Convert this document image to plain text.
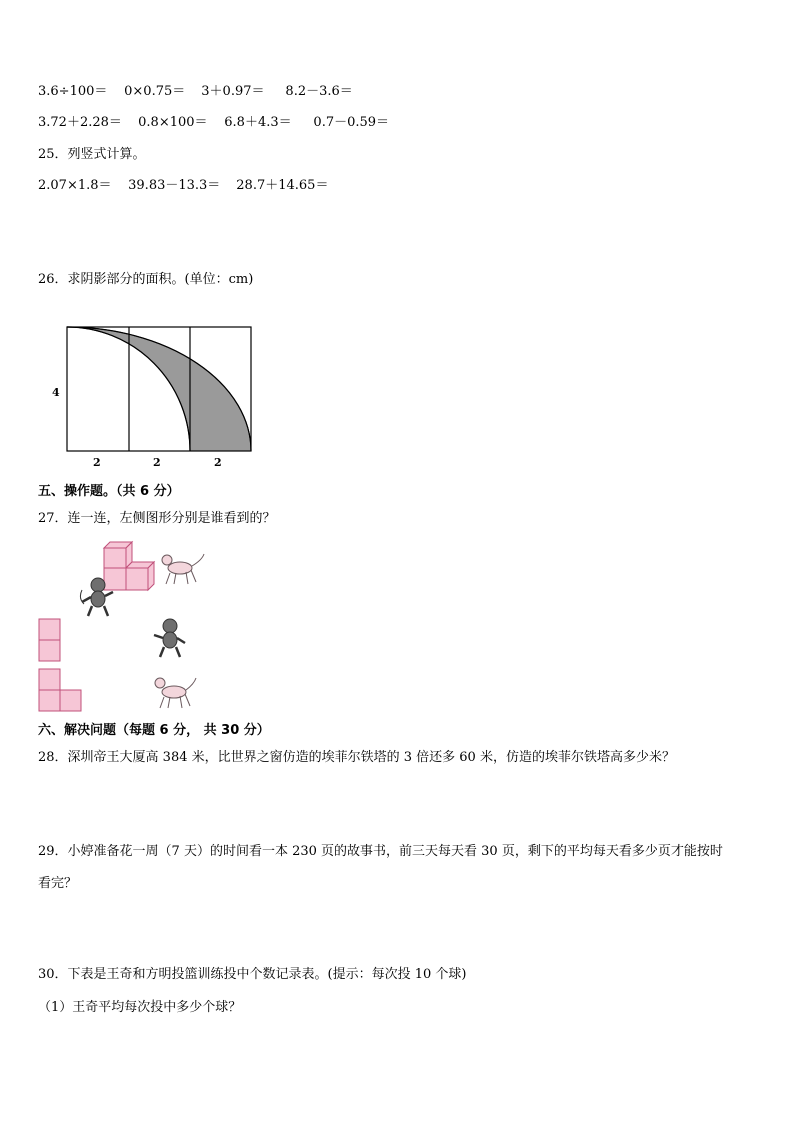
3.6÷100＝ 0×0.75＝ 3＋0.97＝ 8.2－3.6＝
3.72＋2.28＝ 0.8×100＝ 6.8＋4.3＝ 0.7－0.59＝
25．列竖式计算。
2.07×1.8＝ 39.83－13.3＝ 28.7＋14.65＝
26．求阴影部分的面积。(单位：cm)
4
2	2	2
五、操作题。（共 6 分）
27．连一连，左侧图形分别是谁看到的？
六、解决问题（每题 6 分， 共 30 分）
28．深圳帝王大厦高 384 米，比世界之窗仿造的埃菲尔铁塔的 3 倍还多 60 米，仿造的埃菲尔铁塔高多少米？
29．小婷准备花一周（7 天）的时间看一本 230 页的故事书，前三天每天看 30 页，剩下的平均每天看多少页才能按时
看完？
30．下表是王奇和方明投篮训练投中个数记录表。(提示：每次投 10 个球)
（1）王奇平均每次投中多少个球？
